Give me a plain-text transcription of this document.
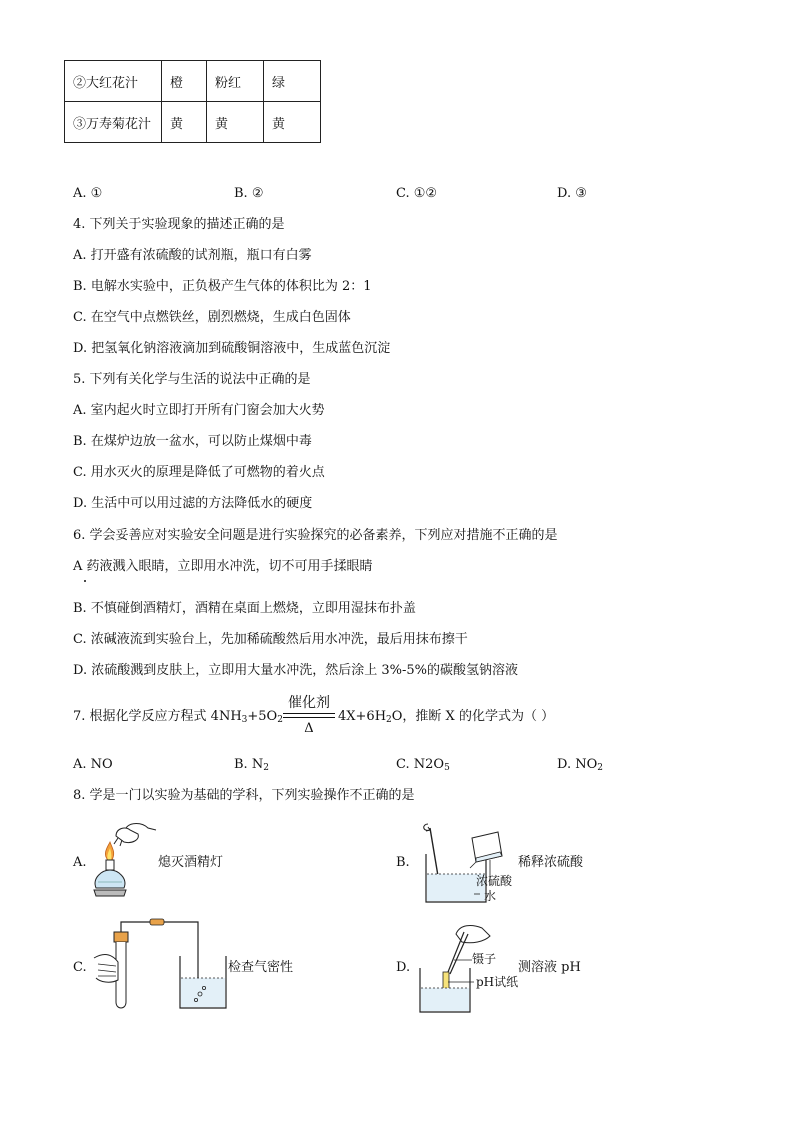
②大红花汁	橙	粉红	绿
③万寿菊花汁	黄	黄	黄
A. ①	B. ②	C. ①②	D. ③
4. 下列关于实验现象的描述正确的是
A. 打开盛有浓硫酸的试剂瓶，瓶口有白雾
B. 电解水实验中，正负极产生气体的体积比为 2：1
C. 在空气中点燃铁丝，剧烈燃烧，生成白色固体
D. 把氢氧化钠溶液滴加到硫酸铜溶液中，生成蓝色沉淀
5. 下列有关化学与生活的说法中正确的是
A. 室内起火时立即打开所有门窗会加大火势
B. 在煤炉边放一盆水，可以防止煤烟中毒
C. 用水灭火的原理是降低了可燃物的着火点
D. 生活中可以用过滤的方法降低水的硬度
6. 学会妥善应对实验安全问题是进行实验探究的必备素养，下列应对措施不正确的是
A 药液溅入眼睛，立即用水冲洗，切不可用手揉眼睛
B. 不慎碰倒酒精灯，酒精在桌面上燃烧，立即用湿抹布扑盖
C. 浓碱液流到实验台上，先加稀硫酸然后用水冲洗，最后用抹布擦干
D. 浓硫酸溅到皮肤上，立即用大量水冲洗，然后涂上 3%-5%的碳酸氢钠溶液
7. 根据化学反应方程式 $4NH_3+5O_2$
催化剂
Δ
$4X+6H_2O$，推断 X 的化学式为（ ）
A. NO	B. $N_2$	C. $N2O_5$	D. $NO_2$
8. 学是一门以实验为基础的学科，下列实验操作不正确的是
A.	熄灭酒精灯	B.	稀释浓硫酸
浓硫酸
水
C.	检查气密性	D.
镊子
pH试纸
测溶液 pH
